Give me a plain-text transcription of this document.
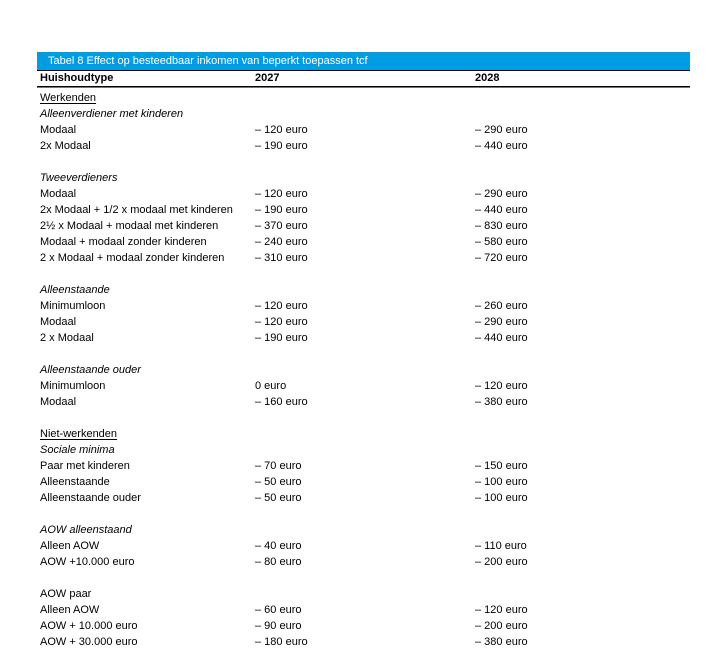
Tabel 8 Effect op besteedbaar inkomen van beperkt toepassen tcf
Huishoudtype	2027	2028
Werkenden
Alleenverdiener met kinderen
Modaal	– 120 euro	– 290 euro
2x Modaal	– 190 euro	– 440 euro
Tweeverdieners
Modaal	– 120 euro	– 290 euro
2x Modaal + 1/2 x modaal met kinderen	– 190 euro	– 440 euro
2½ x Modaal + modaal met kinderen	– 370 euro	– 830 euro
Modaal + modaal zonder kinderen	– 240 euro	– 580 euro
2 x Modaal + modaal zonder kinderen	– 310 euro	– 720 euro
Alleenstaande
Minimumloon	– 120 euro	– 260 euro
Modaal	– 120 euro	– 290 euro
2 x Modaal	– 190 euro	– 440 euro
Alleenstaande ouder
Minimumloon	0 euro	– 120 euro
Modaal	– 160 euro	– 380 euro
Niet-werkenden
Sociale minima
Paar met kinderen	– 70 euro	– 150 euro
Alleenstaande	– 50 euro	– 100 euro
Alleenstaande ouder	– 50 euro	– 100 euro
AOW alleenstaand
Alleen AOW	– 40 euro	– 110 euro
AOW +10.000 euro	– 80 euro	– 200 euro
AOW paar
Alleen AOW	– 60 euro	– 120 euro
AOW + 10.000 euro	– 90 euro	– 200 euro
AOW + 30.000 euro	– 180 euro	– 380 euro
